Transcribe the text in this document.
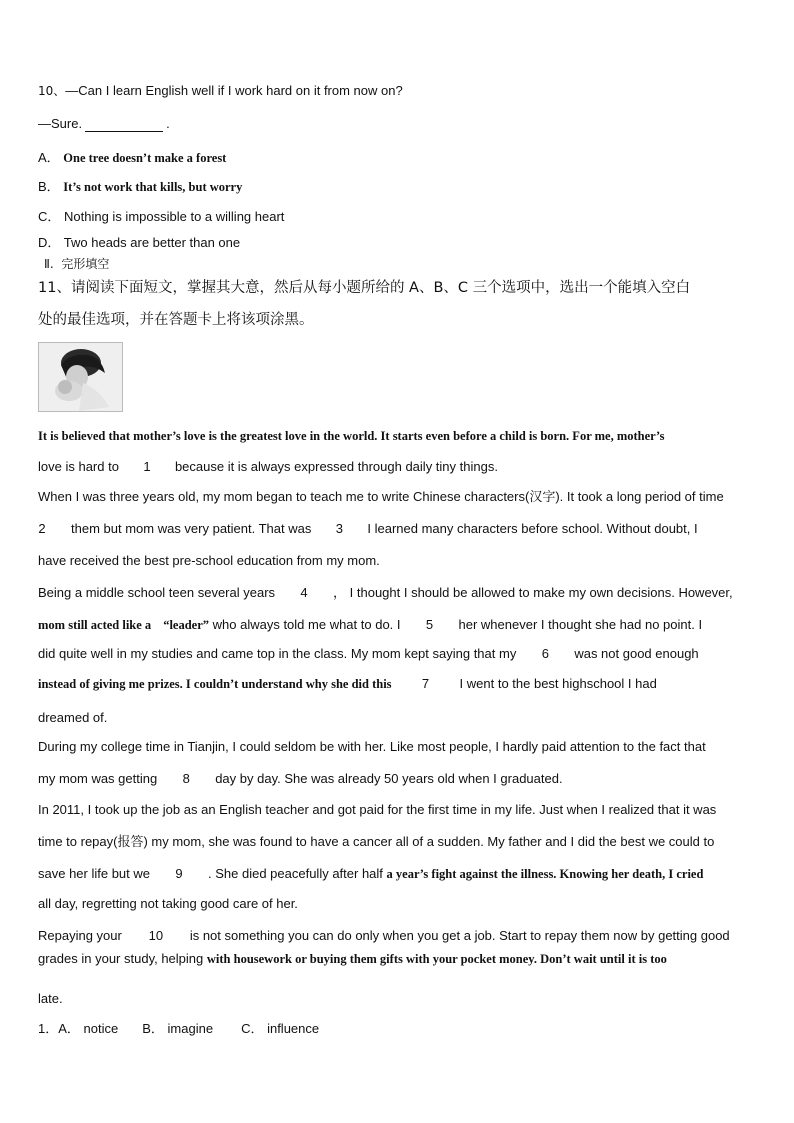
10、—Can I learn English well if I work hard on it from now on?
—Sure.	.
A． One tree doesn’t make a forest
B． It’s not work that kills, but worry
C． Nothing is impossible to a willing heart
D． Two heads are better than one
Ⅱ. 完形填空
11、请阅读下面短文，掌握其大意，然后从每小题所给的 A、B、C 三个选项中，选出一个能填入空白
处的最佳选项，并在答题卡上将该项涂黑。
It is believed that mother’s love is the greatest love in the world. It starts even before a child is born. For me, mother’s
love is hard to 1 because it is always expressed through daily tiny things.
When I was three years old, my mom began to teach me to write Chinese characters(汉字). It took a long period of time
2 them but mom was very patient. That was 3 I learned many characters before school. Without doubt, I
have received the best pre-school education from my mom.
Being a middle school teen several years 4 ， I thought I should be allowed to make my own decisions. However,
mom still acted like a “leader” who always told me what to do. I 5 her whenever I thought she had no point. I
did quite well in my studies and came top in the class. My mom kept saying that my 6 was not good enough
instead of giving me prizes. I couldn’t understand why she did this 7 I went to the best highschool I had
dreamed of.
During my college time in Tianjin, I could seldom be with her. Like most people, I hardly paid attention to the fact that
my mom was getting 8 day by day. She was already 50 years old when I graduated.
In 2011, I took up the job as an English teacher and got paid for the first time in my life. Just when I realized that it was
time to repay(报答) my mom, she was found to have a cancer all of a sudden. My father and I did the best we could to
save her life but we 9 . She died peacefully after half a year’s fight against the illness. Knowing her death, I cried
all day, regretting not taking good care of her.
Repaying your 10 is not something you can do only when you get a job. Start to repay them now by getting good
grades in your study, helping with housework or buying them gifts with your pocket money. Don’t wait until it is too
late.
1．A． notice B． imagine C． influence
